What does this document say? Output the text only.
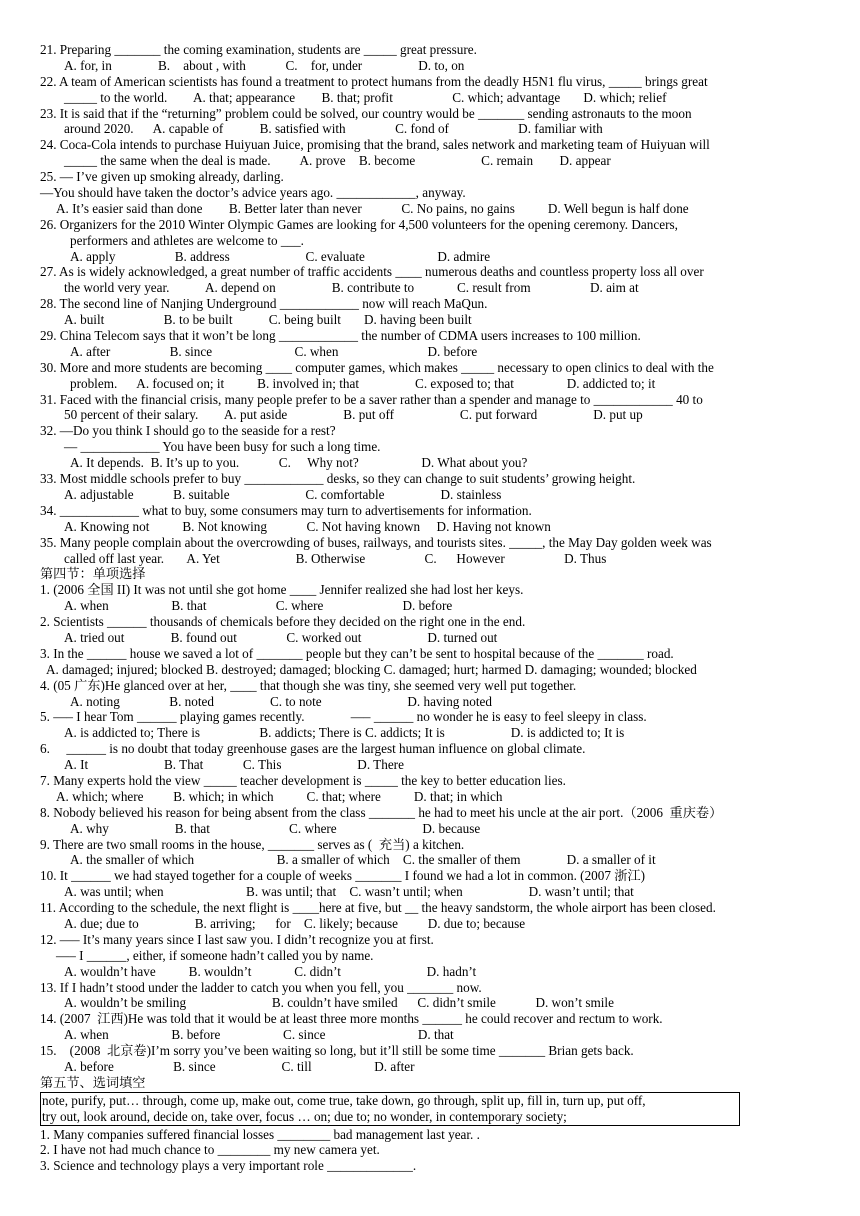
21. Preparing _______ the coming examination, students are _____ great pressure.
A. for, in              B.    about , with            C.    for, under                 D. to, on
22. A team of American scientists has found a treatment to protect humans from the deadly H5N1 flu virus, _____ brings great
_____ to the world.        A. that; appearance        B. that; profit                  C. which; advantage       D. which; relief
23. It is said that if the “returning” problem could be solved, our country would be _______ sending astronauts to the moon
around 2020.      A. capable of           B. satisfied with               C. fond of                     D. familiar with
24. Coca-Cola intends to purchase Huiyuan Juice, promising that the brand, sales network and marketing team of Huiyuan will
_____ the same when the deal is made.         A. prove    B. become                    C. remain        D. appear
25. — I’ve given up smoking already, darling.
—You should have taken the doctor’s advice years ago. ____________, anyway.
A. It’s easier said than done        B. Better later than never            C. No pains, no gains          D. Well begun is half done
26. Organizers for the 2010 Winter Olympic Games are looking for 4,500 volunteers for the opening ceremony. Dancers,
performers and athletes are welcome to ___.
A. apply                  B. address                       C. evaluate                      D. admire
27. As is widely acknowledged, a great number of traffic accidents ____ numerous deaths and countless property loss all over
the world very year.           A. depend on                 B. contribute to             C. result from                  D. aim at
28. The second line of Nanjing Underground ____________ now will reach MaQun.
A. built                  B. to be built           C. being built       D. having been built
29. China Telecom says that it won’t be long ____________ the number of CDMA users increases to 100 million.
A. after                  B. since                         C. when                           D. before
30. More and more students are becoming ____ computer games, which makes _____ necessary to open clinics to deal with the
problem.      A. focused on; it          B. involved in; that                 C. exposed to; that                D. addicted to; it
31. Faced with the financial crisis, many people prefer to be a saver rather than a spender and manage to ____________ 40 to
50 percent of their salary.        A. put aside                 B. put off                    C. put forward                 D. put up
32. —Do you think I should go to the seaside for a rest?
— ____________ You have been busy for such a long time.
A. It depends.  B. It’s up to you.            C.     Why not?                   D. What about you?
33. Most middle schools prefer to buy ____________ desks, so they can change to suit students’ growing height.
A. adjustable            B. suitable                       C. comfortable                 D. stainless
34. ____________ what to buy, some consumers may turn to advertisements for information.
A. Knowing not          B. Not knowing            C. Not having known     D. Having not known
35. Many people complain about the overcrowding of buses, railways, and tourists sites. _____, the May Day golden week was
called off last year.       A. Yet                       B. Otherwise                  C.      However                  D. Thus
第四节：单项选择
1. (2006 全国 II) It was not until she got home ____ Jennifer realized she had lost her keys.
A. when                   B. that                     C. where                        D. before
2. Scientists ______ thousands of chemicals before they decided on the right one in the end.
A. tried out              B. found out               C. worked out                    D. turned out
3. In the ______ house we saved a lot of _______ people but they can’t be sent to hospital because of the _______ road.
A. damaged; injured; blocked B. destroyed; damaged; blocking C. damaged; hurt; harmed D. damaging; wounded; blocked
4. (05 广东)He glanced over at her, ____ that though she was tiny, she seemed very well put together.
A. noting               B. noted                 C. to note                          D. having noted
5. —– I hear Tom ______ playing games recently.              —– ______ no wonder he is easy to feel sleepy in class.
A. is addicted to; There is                  B. addicts; There is C. addicts; It is                    D. is addicted to; It is
6.     ______ is no doubt that today greenhouse gases are the largest human influence on global climate.
A. It                       B. That            C. This                       D. There
7. Many experts hold the view _____ teacher development is _____ the key to better education lies.
A. which; where         B. which; in which          C. that; where          D. that; in which
8. Nobody believed his reason for being absent from the class _______ he had to meet his uncle at the air port.（2006  重庆卷）
A. why                    B. that                        C. where                          D. because
9. There are two small rooms in the house, _______ serves as (  充当) a kitchen.
A. the smaller of which                         B. a smaller of which    C. the smaller of them              D. a smaller of it
10. It ______ we had stayed together for a couple of weeks _______ I found we had a lot in common. (2007 浙江)
A. was until; when                         B. was until; that    C. wasn’t until; when                    D. wasn’t until; that
11. According to the schedule, the next flight is ____here at five, but __ the heavy sandstorm, the whole airport has been closed.
A. due; due to                 B. arriving;      for    C. likely; because         D. due to; because
12. —– It’s many years since I last saw you. I didn’t recognize you at first.
—– I ______, either, if someone hadn’t called you by name.
A. wouldn’t have          B. wouldn’t             C. didn’t                          D. hadn’t
13. If I hadn’t stood under the ladder to catch you when you fell, you _______ now.
A. wouldn’t be smiling                          B. couldn’t have smiled      C. didn’t smile            D. won’t smile
14. (2007  江西)He was told that it would be at least three more months ______ he could recover and rectum to work.
A. when                   B. before                   C. since                            D. that
15.    (2008  北京卷)I’m sorry you’ve been waiting so long, but it’ll still be some time _______ Brian gets back.
A. before                  B. since                    C. till                   D. after
第五节、选词填空
note, purify, put… through, come up, make out, come true, take down, go through, split up, fill in, turn up, put off,
try out, look around, decide on, take over, focus … on; due to; no wonder, in contemporary society;
1. Many companies suffered financial losses ________ bad management last year. .
2. I have not had much chance to ________ my new camera yet.
3. Science and technology plays a very important role _____________.
